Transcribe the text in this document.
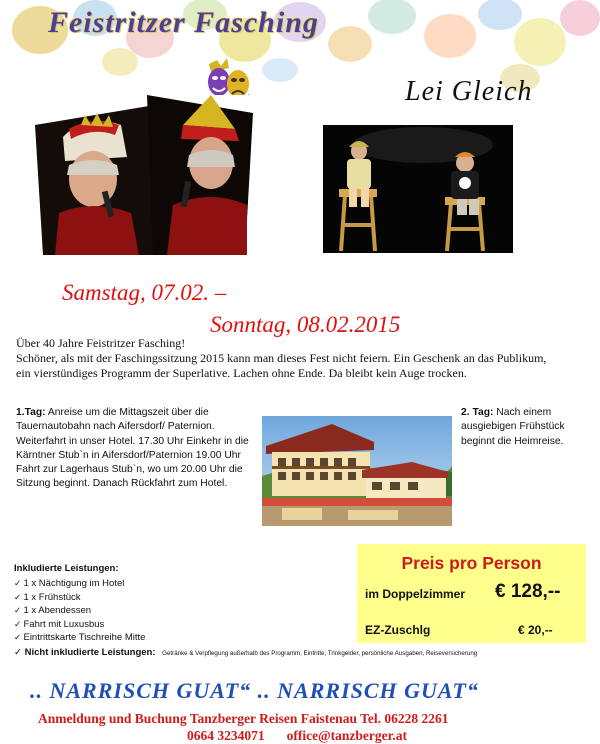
Feistritzer Fasching
Lei Gleich
Samstag, 07.02. –
Sonntag, 08.02.2015
Über 40 Jahre Feistritzer Fasching!
Schöner, als mit der Faschingssitzung 2015 kann man dieses Fest nicht feiern. Ein Geschenk an das Publikum,
ein vierstündiges Programm der Superlative. Lachen ohne Ende. Da bleibt kein Auge trocken.
1.Tag: Anreise um die Mittagszeit über die Tauernautobahn nach Aifersdorf/ Paternion. Weiterfahrt in unser Hotel. 17.30 Uhr Einkehr in die Kärntner Stub`n in Aifersdorf/Paternion 19.00 Uhr Fahrt zur Lagerhaus Stub`n, wo um 20.00 Uhr die Sitzung beginnt. Danach Rückfahrt zum Hotel.
2. Tag: Nach einem ausgiebigen Frühstück beginnt die Heimreise.
Inkludierte Leistungen:
✓ 1 x Nächtigung im Hotel
✓ 1 x Frühstück
✓ 1 x Abendessen
✓ Fahrt mit Luxusbus
✓ Eintrittskarte Tischreihe Mitte
✓ Nicht inkludierte Leistungen: Getränke & Verpflegung außerhalb des Programm, Eintritte, Trinkgelder, persönliche Ausgaben, Reiseversicherung
Preis pro Person
im Doppelzimmer € 128,--
EZ-Zuschlg	€ 20,--
.. NARRISCH GUAT“ .. NARRISCH GUAT“
Anmeldung und Buchung Tanzberger Reisen Faistenau Tel. 06228 2261
0664 3234071 office@tanzberger.at
